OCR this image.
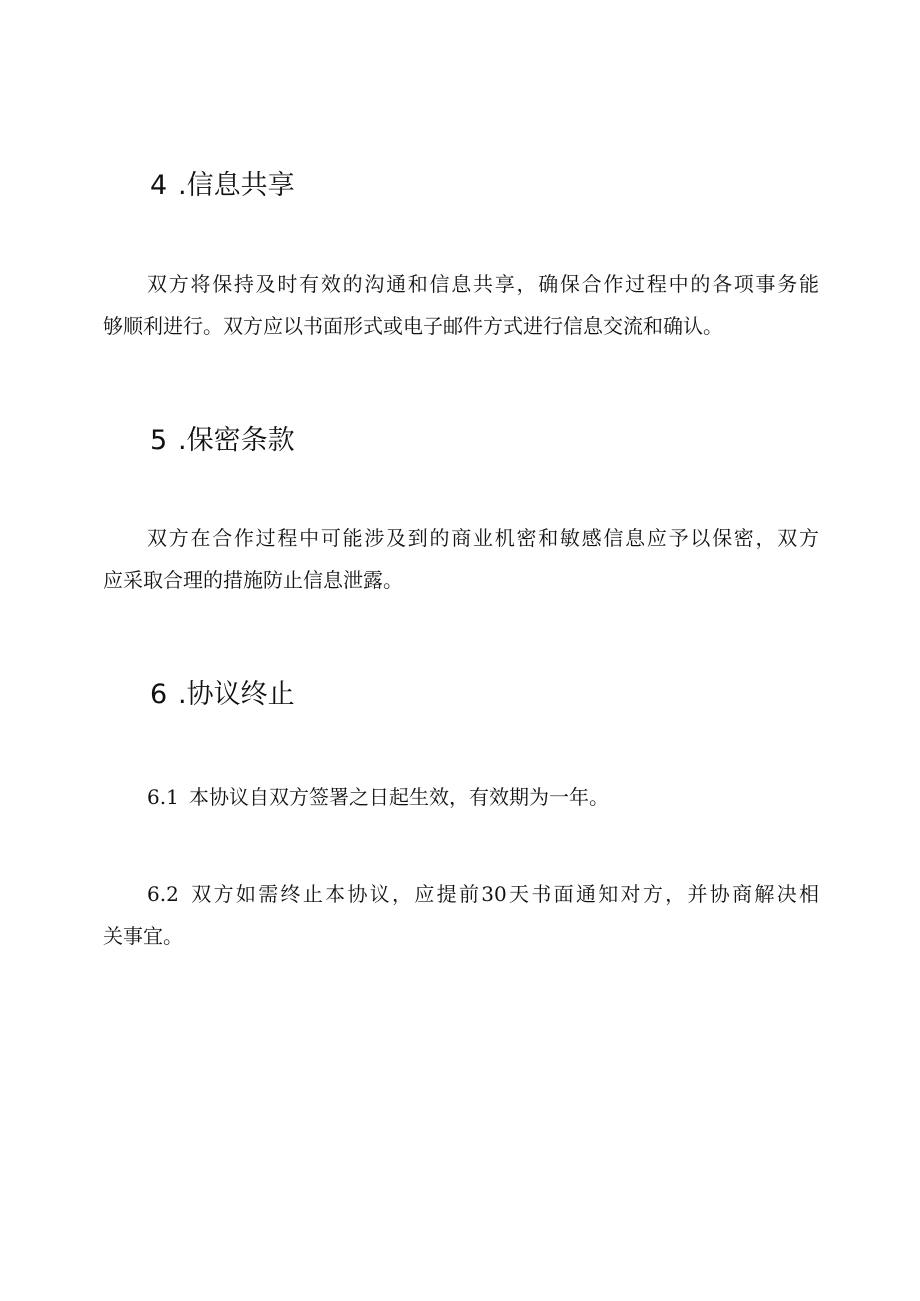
4 .信息共享
双方将保持及时有效的沟通和信息共享，确保合作过程中的各项事务能
够顺利进行。双方应以书面形式或电子邮件方式进行信息交流和确认。
5 .保密条款
双方在合作过程中可能涉及到的商业机密和敏感信息应予以保密，双方
应采取合理的措施防止信息泄露。
6 .协议终止
6.1 本协议自双方签署之日起生效，有效期为一年。
6.2 双方如需终止本协议，应提前30天书面通知对方，并协商解决相
关事宜。
